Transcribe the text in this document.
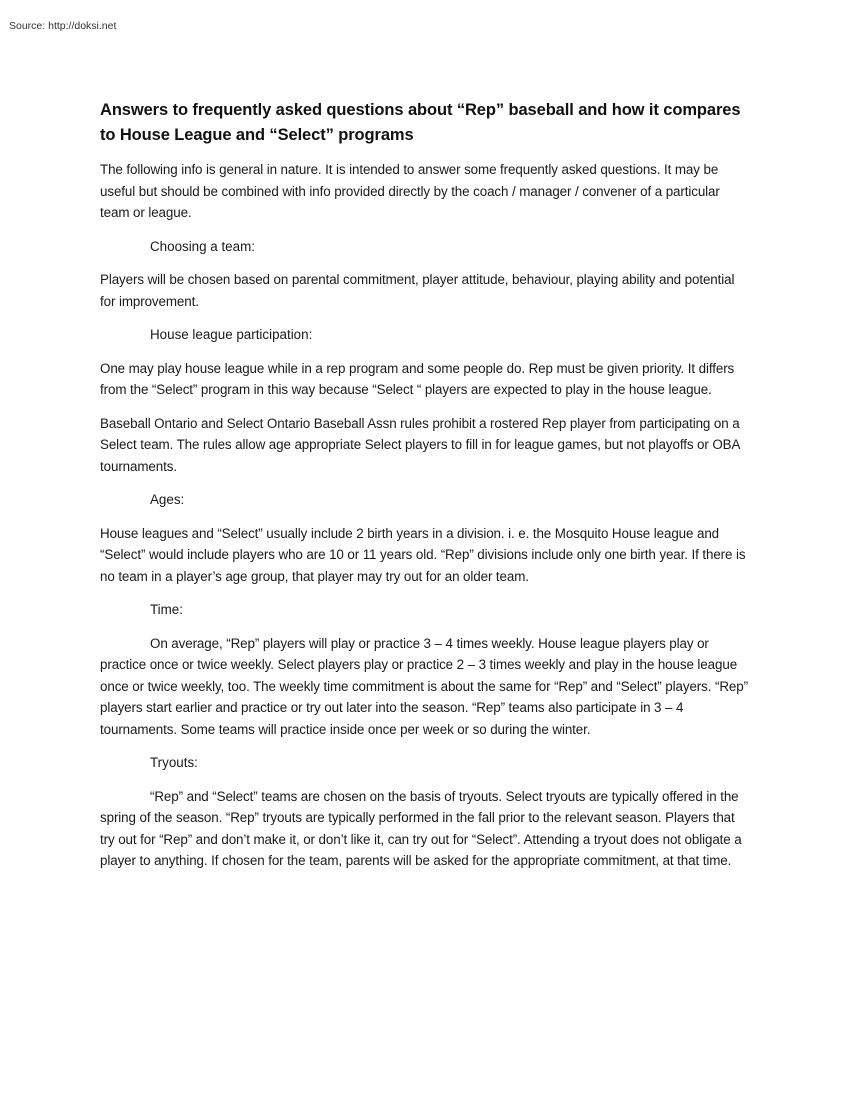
Source: http://doksi.net
Answers to frequently asked questions about “Rep” baseball and how it compares to House League and “Select” programs

The following info is general in nature. It is intended to answer some frequently asked questions. It may be useful but should be combined with info provided directly by the coach / manager / convener of a particular team or league.

Choosing a team:

Players will be chosen based on parental commitment, player attitude, behaviour, playing ability and potential for improvement.

House league participation:

One may play house league while in a rep program and some people do. Rep must be given priority. It differs from the “Select” program in this way because “Select “ players are expected to play in the house league.

Baseball Ontario and Select Ontario Baseball Assn rules prohibit a rostered Rep player from participating on a Select team. The rules allow age appropriate Select players to fill in for league games, but not playoffs or OBA tournaments.

Ages:

House leagues and “Select” usually include 2 birth years in a division. i. e. the Mosquito House league and “Select” would include players who are 10 or 11 years old. “Rep” divisions include only one birth year. If there is no team in a player’s age group, that player may try out for an older team.

Time:

On average, “Rep” players will play or practice 3 – 4 times weekly. House league players play or practice once or twice weekly. Select players play or practice 2 – 3 times weekly and play in the house league once or twice weekly, too. The weekly time commitment is about the same for “Rep” and “Select” players. “Rep” players start earlier and practice or try out later into the season. “Rep” teams also participate in 3 – 4 tournaments. Some teams will practice inside once per week or so during the winter.

Tryouts:

“Rep” and “Select” teams are chosen on the basis of tryouts. Select tryouts are typically offered in the spring of the season. “Rep” tryouts are typically performed in the fall prior to the relevant season. Players that try out for “Rep” and don’t make it, or don’t like it, can try out for “Select”. Attending a tryout does not obligate a player to anything. If chosen for the team, parents will be asked for the appropriate commitment, at that time.
